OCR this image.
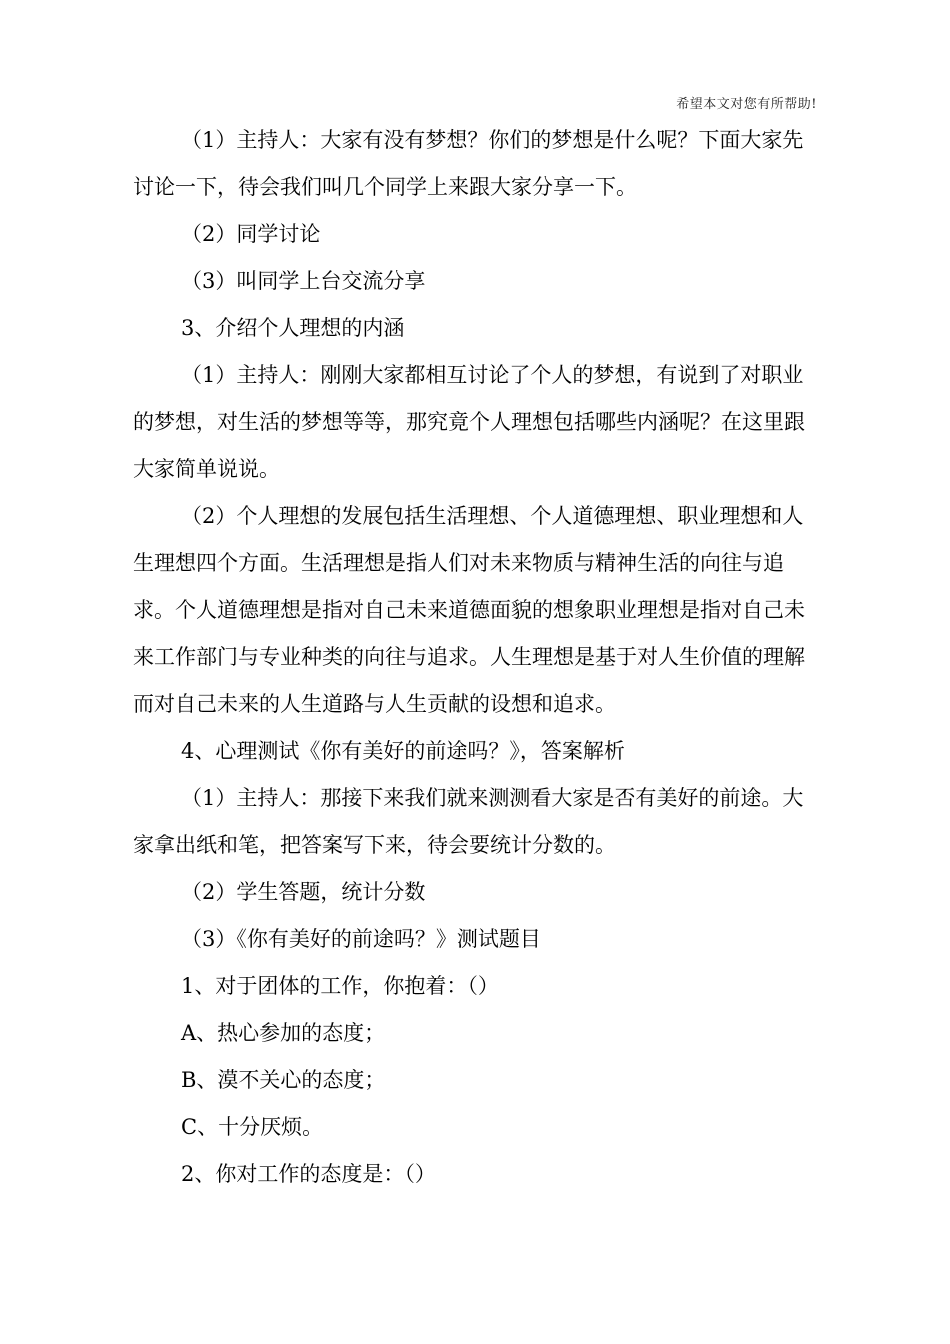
希望本文对您有所帮助!

（1）主持人：大家有没有梦想？你们的梦想是什么呢？下面大家先讨论一下，待会我们叫几个同学上来跟大家分享一下。

（2）同学讨论

（3）叫同学上台交流分享

3、介绍个人理想的内涵

（1）主持人：刚刚大家都相互讨论了个人的梦想，有说到了对职业的梦想，对生活的梦想等等，那究竟个人理想包括哪些内涵呢？在这里跟大家简单说说。

（2）个人理想的发展包括生活理想、个人道德理想、职业理想和人生理想四个方面。生活理想是指人们对未来物质与精神生活的向往与追求。个人道德理想是指对自己未来道德面貌的想象职业理想是指对自己未来工作部门与专业种类的向往与追求。人生理想是基于对人生价值的理解而对自己未来的人生道路与人生贡献的设想和追求。

4、心理测试《你有美好的前途吗？》，答案解析

（1）主持人：那接下来我们就来测测看大家是否有美好的前途。大家拿出纸和笔，把答案写下来，待会要统计分数的。

（2）学生答题，统计分数

（3）《你有美好的前途吗？》测试题目

1、对于团体的工作，你抱着：（）

A、热心参加的态度；

B、漠不关心的态度；

C、十分厌烦。

2、你对工作的态度是：（）
